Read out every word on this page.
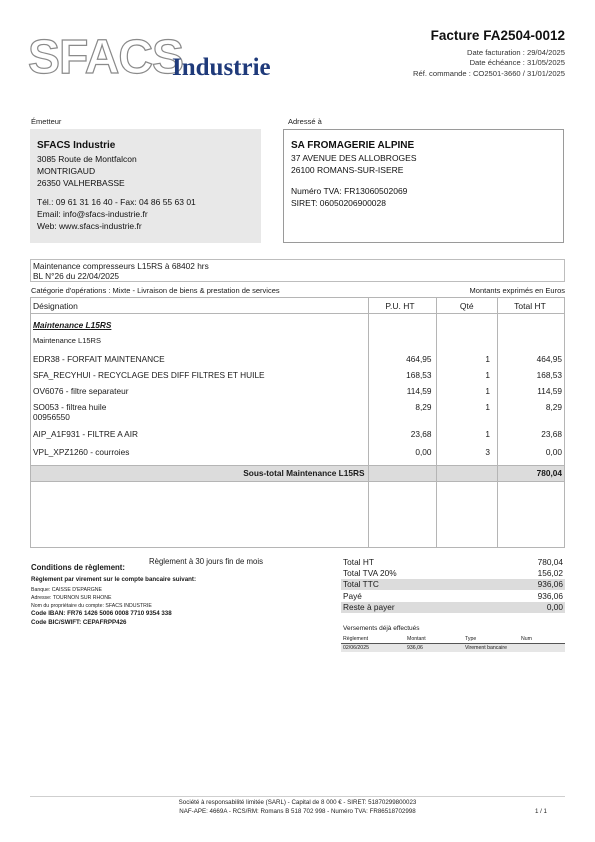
SFACS
Industrie
Facture FA2504-0012
Date facturation : 29/04/2025
Date échéance : 31/05/2025
Réf. commande : CO2501-3660 / 31/01/2025
Émetteur
SFACS Industrie
3085 Route de Montfalcon
MONTRIGAUD
26350 VALHERBASSE
Tél.: 09 61 31 16 40 - Fax: 04 86 55 63 01
Email: info@sfacs-industrie.fr
Web: www.sfacs-industrie.fr
Adressé à
SA FROMAGERIE ALPINE
37 AVENUE DES ALLOBROGES
26100 ROMANS-SUR-ISERE
Numéro TVA: FR13060502069
SIRET: 06050206900028
Maintenance compresseurs L15RS à 68402 hrs
BL N°26 du 22/04/2025
Catégorie d'opérations : Mixte - Livraison de biens & prestation de services	Montants exprimés en Euros
Désignation	P.U. HT	Qté	Total HT
Maintenance L15RS			
Maintenance L15RS			
EDR38 - FORFAIT MAINTENANCE	464,95	1	464,95
SFA_RECYHUI - RECYCLAGE DES DIFF FILTRES ET HUILE	168,53	1	168,53
OV6076 - filtre separateur	114,59	1	114,59

SO053 - filtrea huile
00956550	8,29	1	8,29
AIP_A1F931 - FILTRE A AIR	23,68	1	23,68
VPL_XPZ1260 - courroies	0,00	3	0,00

Sous-total Maintenance L15RS			780,04

Conditions de règlement:
Règlement à 30 jours fin de mois
Règlement par virement sur le compte bancaire suivant:
Banque: CAISSE D'EPARGNE
Adresse: TOURNON SUR RHONE
Nom du propriétaire du compte: SFACS INDUSTRIE
Code IBAN: FR76 1426 5006 0008 7710 9354 338
Code BIC/SWIFT: CEPAFRPP426
Total HT	780,04
Total TVA 20%	156,02
Total TTC	936,06
Payé	936,06
Reste à payer	0,00
Versements déjà effectués
Règlement	Montant	Type	Num
02/06/2025	936,06	Virement bancaire	
Société à responsabilité limitée (SARL) - Capital de 8 000 € - SIRET: 51870299800023
NAF-APE: 4669A - RCS/RM: Romans B 518 702 998 - Numéro TVA: FR86518702998	1 / 1
